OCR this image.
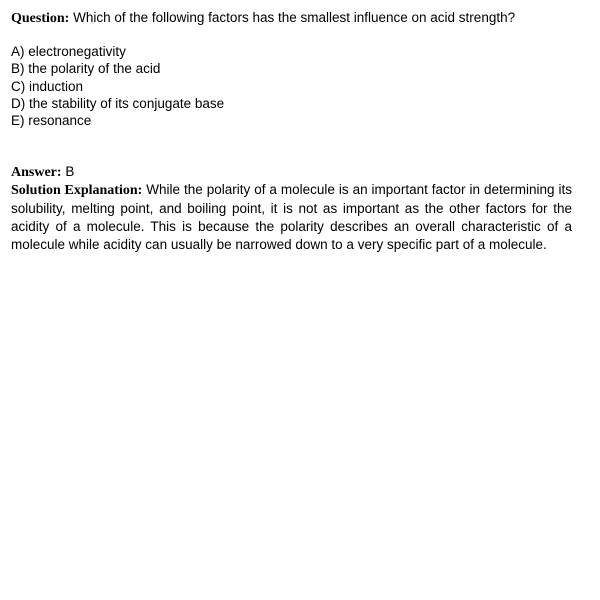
Question: Which of the following factors has the smallest influence on acid strength?

A) electronegativity
B) the polarity of the acid
C) induction
D) the stability of its conjugate base
E) resonance

Answer: B

Solution Explanation: While the polarity of a molecule is an important factor in determining its solubility, melting point, and boiling point, it is not as important as the other factors for the acidity of a molecule. This is because the polarity describes an overall characteristic of a molecule while acidity can usually be narrowed down to a very specific part of a molecule.
